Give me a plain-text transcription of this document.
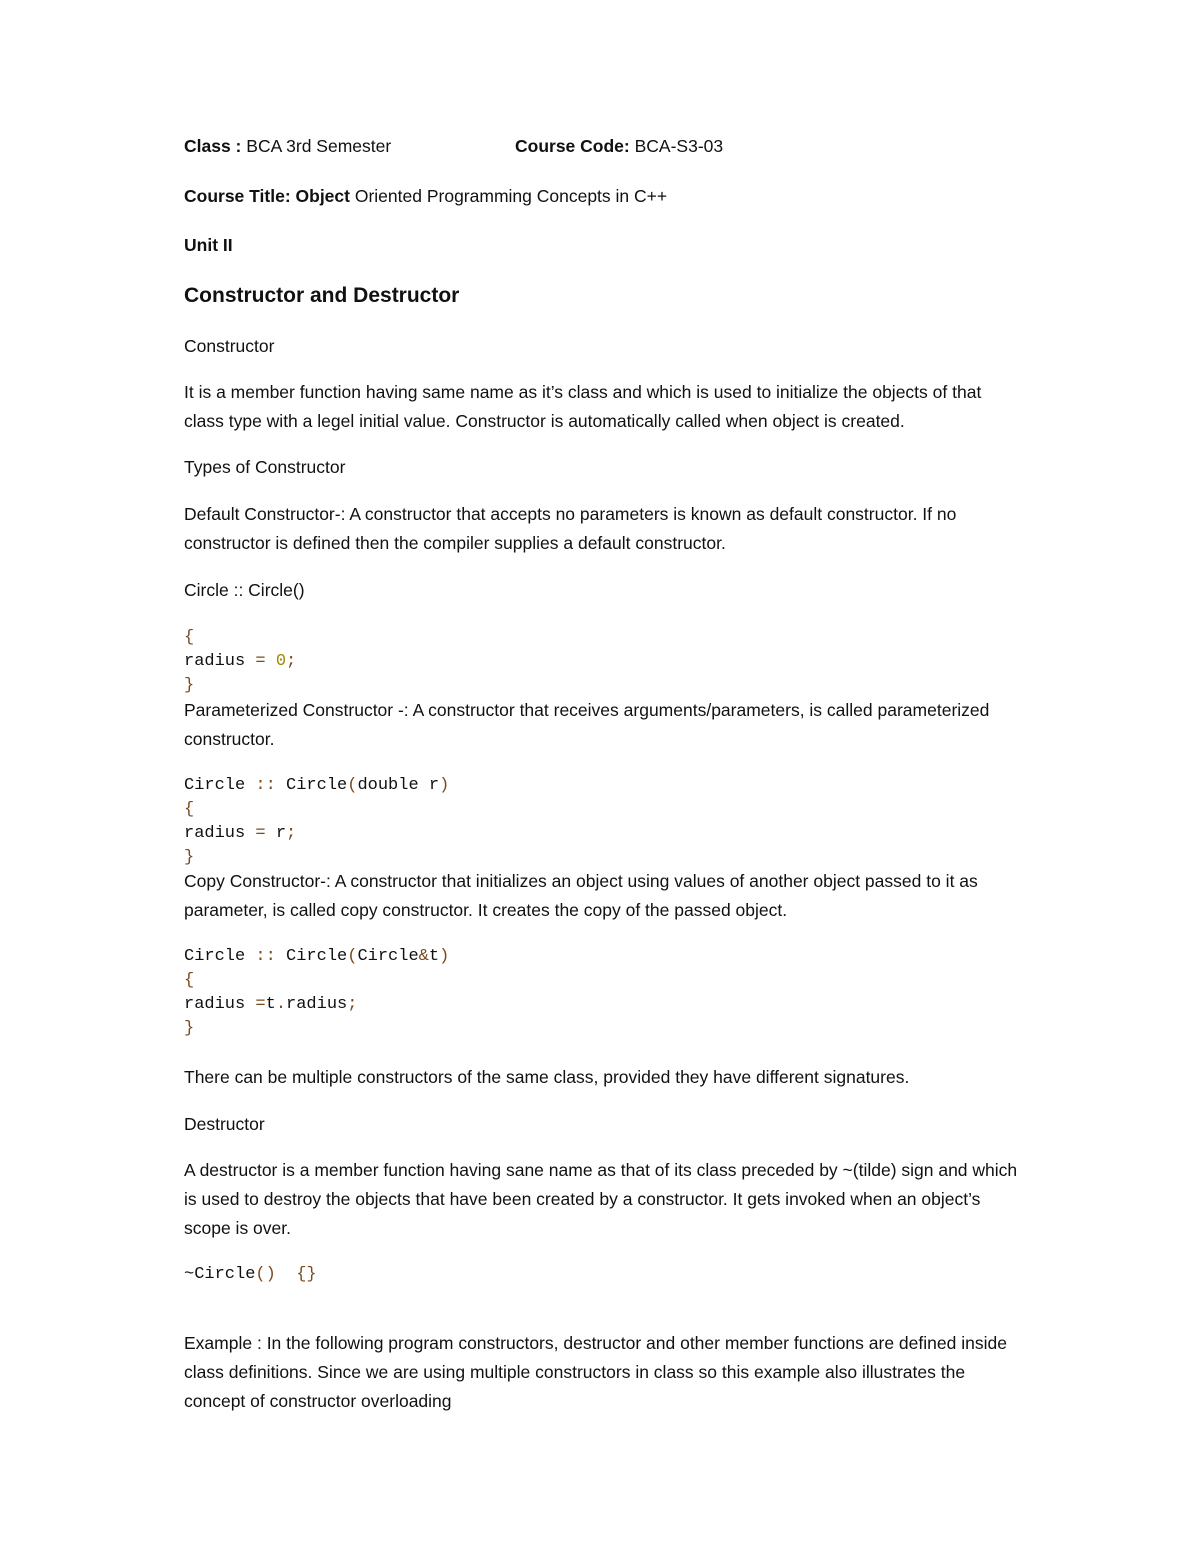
Class : BCA 3rd Semester	Course Code: BCA-S3-03
Course Title: Object Oriented Programming Concepts in C++
Unit II
Constructor and Destructor
Constructor
It is a member function having same name as it’s class and which is used to initialize the objects of that class type with a legel initial value. Constructor is automatically called when object is created.
Types of Constructor
Default Constructor-: A constructor that accepts no parameters is known as default constructor. If no constructor is defined then the compiler supplies a default constructor.
Circle :: Circle()
{
radius = 0;
}
Parameterized Constructor -: A constructor that receives arguments/parameters, is called parameterized constructor.
Circle :: Circle(double r)
{
radius = r;
}
Copy Constructor-: A constructor that initializes an object using values of another object passed to it as parameter, is called copy constructor. It creates the copy of the passed object.
Circle :: Circle(Circle&t)
{
radius =t.radius;
}
There can be multiple constructors of the same class, provided they have different signatures.
Destructor
A destructor is a member function having sane name as that of its class preceded by ~(tilde) sign and which is used to destroy the objects that have been created by a constructor. It gets invoked when an object’s scope is over.
~Circle() {}
Example : In the following program constructors, destructor and other member functions are defined inside class definitions. Since we are using multiple constructors in class so this example also illustrates the concept of constructor overloading
